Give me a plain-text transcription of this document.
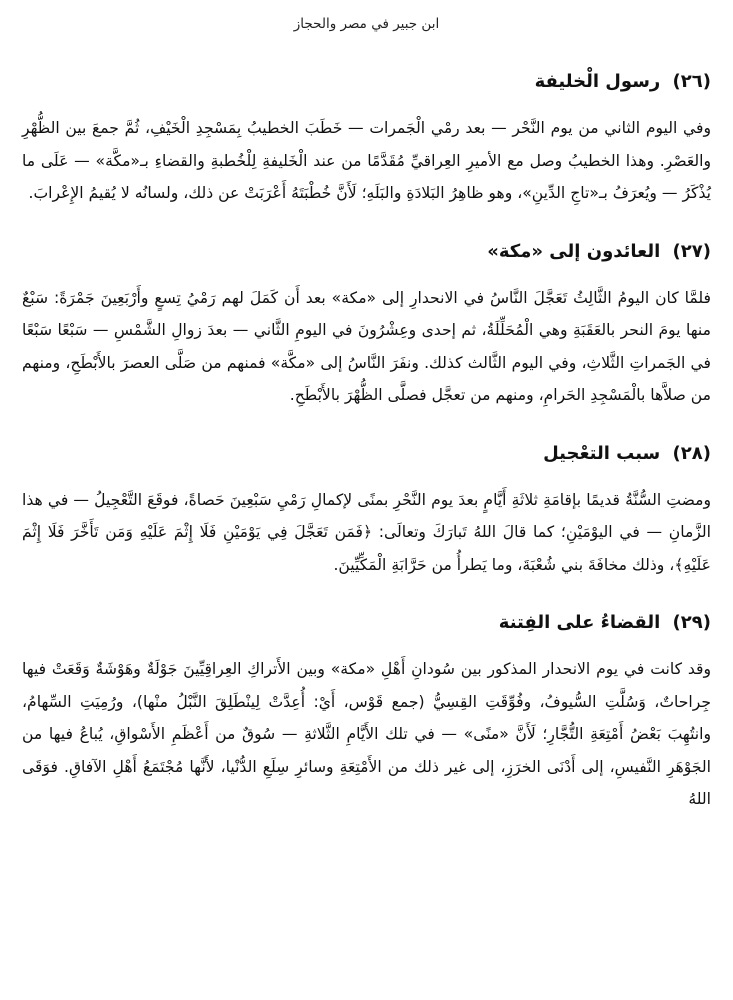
ابن جبير في مصر والحجاز
(٢٦) رسول الْخليفة

وفي اليوم الثاني من يوم النَّحْر — بعد رمْي الْجَمرات — خَطَبَ الخطيبُ بِمَسْجِدِ الْخَيْفِ، ثُمَّ جمعَ بين الظُّهْرِ والعَصْرِ. وهذا الخطيبُ وصل مع الأميرِ العِراقيِّ مُقَدَّمًا من عند الْخَليفةِ لِلْخُطبةِ والقضاءِ بـ«مكَّة» — عَلَى ما يُذْكَرُ — ويُعرَفُ بـ«تاجِ الدِّينِ»، وهو ظاهِرُ البَلادَةِ والبَلَهِ؛ لَأَنَّ خُطْبَتَهُ أَعْرَبَتْ عن ذلك، ولسانُه لا يُقيمُ الإِعْرابَ.

(٢٧) العائدون إلى «مكة»

فلمَّا كان اليومُ الثَّالِثُ تَعَجَّلَ النَّاسُ في الانحدارِ إلى «مكة» بعد أَن كَمَلَ لهم رَمْيُ تِسعٍ وأَرْبَعِينَ جَمْرَةً: سَبْعٌ منها يومَ النحر بالعَقَبَةِ وهي الْمُحَلِّلَةُ، ثم إحدى وعِشْرُونَ في اليومِ الثَّاني — بعدَ زوالِ الشَّمْسِ — سَبْعًا سَبْعًا في الجَمراتِ الثَّلاثِ، وفي اليوم الثَّالث كذلك. ونفَرَ النَّاسُ إلى «مكَّة» فمنهم من صَلَّى العصرَ بالأَبْطَحِ، ومنهم من صلاَّها بالْمَسْجِدِ الحَرامِ، ومنهم من تعجَّل فصلَّى الظُّهْرَ بالأَبْطَحِ.

(٢٨) سبب التعْجيل

ومضتِ السُّنَّةُ قديمًا بإقامَةِ ثلاثَةِ أَيَّامٍ بعدَ يوم النَّحْرِ بمنًى لإكمالِ رَمْيِ سَبْعِينَ حَصاةً، فوقَعَ التَّعْجِيلُ — في هذا الزَّمانِ — في اليوْمَيْنِ؛ كما قالَ اللهُ تَبارَكَ وتعالَى: ﴿فَمَن تَعَجَّلَ فِي يَوْمَيْنِ فَلَا إِثْمَ عَلَيْهِ وَمَن تَأَخَّرَ فَلَا إِثْمَ عَلَيْهِ﴾، وذلك مخافَةَ بني شُعْبَةَ، وما يَطرأُ من حَرَّابَةِ الْمَكِّيِّينَ.

(٢٩) القضاءُ على الفِتنة

وقد كانت في يوم الانحدار المذكور بين سُودانِ أَهْلِ «مكة» وبين الأَتراكِ العِراقِيِّينَ جَوْلَةٌ وهَوْشَةٌ وَقَعَتْ فيها جِراحاتٌ، وَسُلَّتِ السُّيوفُ، وفُوِّقَتِ القِسِيُّ (جمع قَوْس، أَيْ: أُعِدَّتْ لِينْطَلِقَ النَّبْلُ منْها)، ورُمِيَتِ السِّهامُ، وانتُهِبَ بَعْضُ أَمْتِعَةِ التُّجَّارِ؛ لَأَنَّ «منًى» — في تلك الأَيَّامِ الثَّلاثةِ — سُوقٌ من أَعْظَمِ الأَسْواقِ، يُباعُ فيها من الجَوْهَرِ النَّفيسِ، إلى أَدْنَى الخرَزِ، إلى غير ذلك من الأَمْتِعَةِ وسائرِ سِلَعِ الدُّنْيا، لأَنَّها مُجْتَمَعُ أَهْلِ الآفاقِ. فوَقَى اللهُ
